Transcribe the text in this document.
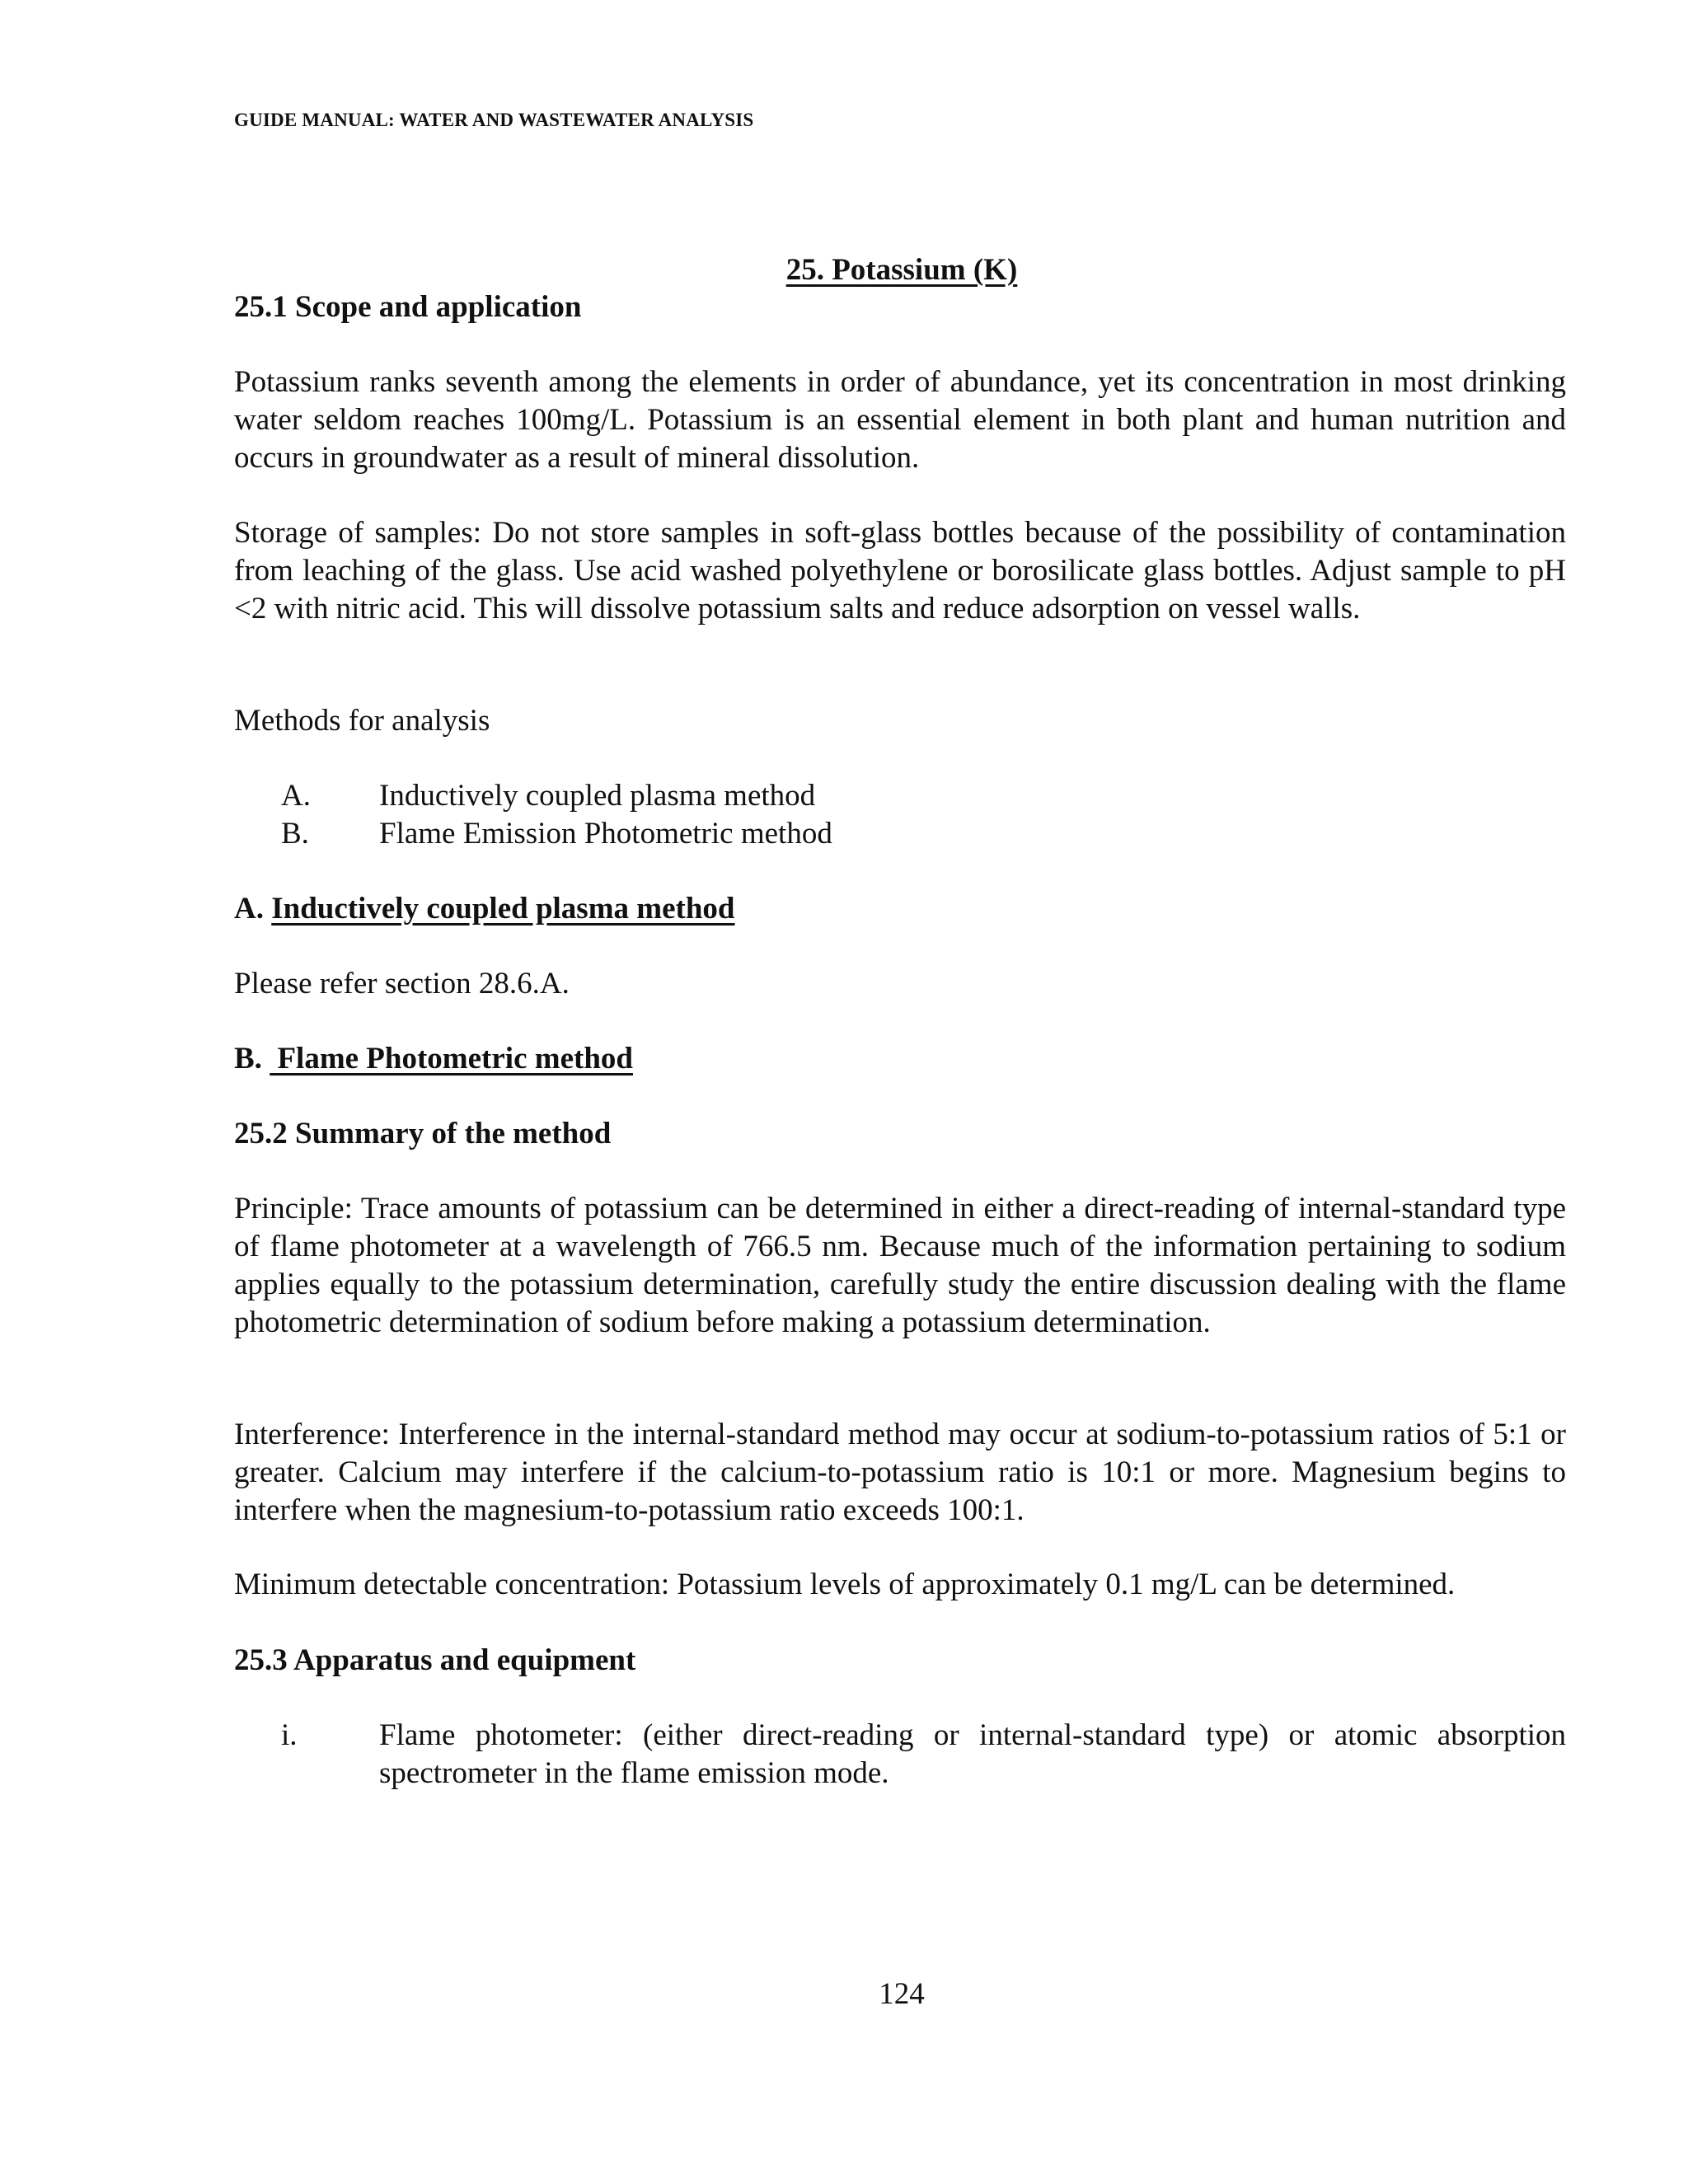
GUIDE MANUAL: WATER AND WASTEWATER ANALYSIS
25. Potassium (K)
25.1 Scope and application
Potassium ranks seventh among the elements in order of abundance, yet its concentration in most drinking water seldom reaches 100mg/L. Potassium is an essential element in both plant and human nutrition and occurs in groundwater as a result of mineral dissolution.
Storage of samples: Do not store samples in soft-glass bottles because of the possibility of contamination from leaching of the glass. Use acid washed polyethylene or borosilicate glass bottles. Adjust sample to pH <2 with nitric acid. This will dissolve potassium salts and reduce adsorption on vessel walls.
Methods for analysis
A. Inductively coupled plasma method
B. Flame Emission Photometric method
A. Inductively coupled plasma method
Please refer section 28.6.A.
B.  Flame Photometric method
25.2 Summary of the method
Principle: Trace amounts of potassium can be determined in either a direct-reading of internal-standard type of flame photometer at a wavelength of 766.5 nm. Because much of the information pertaining to sodium applies equally to the potassium determination, carefully study the entire discussion dealing with the flame photometric determination of sodium before making a potassium determination.
Interference: Interference in the internal-standard method may occur at sodium-to-potassium ratios of 5:1 or greater. Calcium may interfere if the calcium-to-potassium ratio is 10:1 or more. Magnesium begins to interfere when the magnesium-to-potassium ratio exceeds 100:1.
Minimum detectable concentration: Potassium levels of approximately 0.1 mg/L can be determined.
25.3 Apparatus and equipment
i.	Flame photometer: (either direct-reading or internal-standard type) or atomic absorption spectrometer in the flame emission mode.
124
